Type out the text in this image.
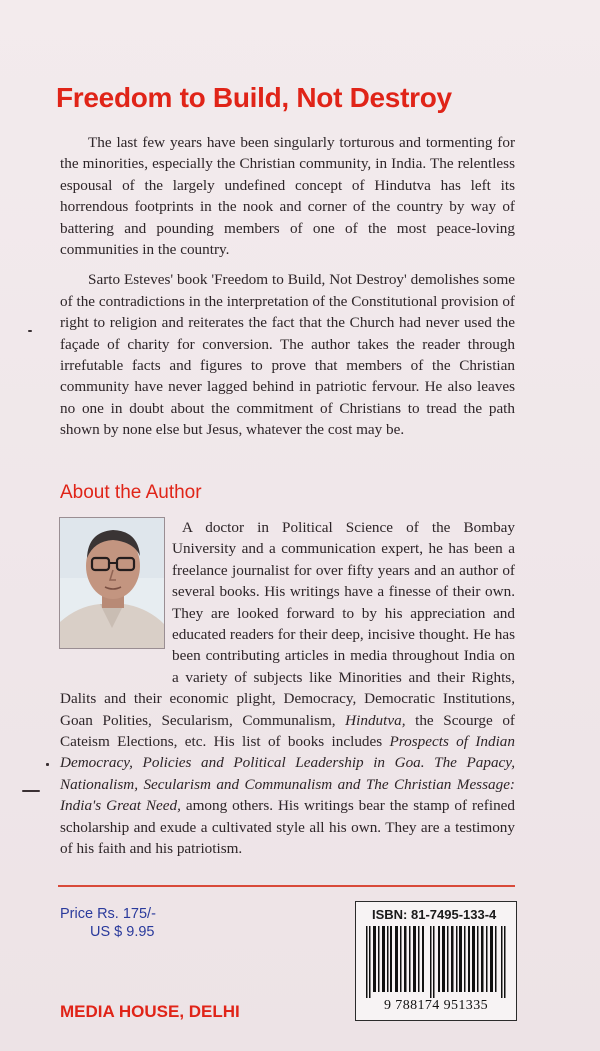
Freedom to Build, Not Destroy

The last few years have been singularly torturous and tormenting for the minorities, especially the Christian community, in India. The relentless espousal of the largely undefined concept of Hindutva has left its horrendous footprints in the nook and corner of the country by way of battering and pounding members of one of the most peace-loving communities in the country.

Sarto Esteves' book 'Freedom to Build, Not Destroy' demolishes some of the contradictions in the interpretation of the Constitutional provision of right to religion and reiterates the fact that the Church had never used the façade of charity for conversion. The author takes the reader through irrefutable facts and figures to prove that members of the Christian community have never lagged behind in patriotic fervour. He also leaves no one in doubt about the commitment of Christians to tread the path shown by none else but Jesus, whatever the cost may be.

About the Author

A doctor in Political Science of the Bombay University and a communication expert, he has been a freelance journalist for over fifty years and an author of several books. His writings have a finesse of their own. They are looked forward to by his appreciation and educated readers for their deep, incisive thought. He has been contributing articles in media throughout India on a variety of subjects like Minorities and their Rights, Dalits and their economic plight, Democracy, Democratic Institutions, Goan Polities, Secularism, Communalism, Hindutva, the Scourge of Cateism Elections, etc. His list of books includes Prospects of Indian Democracy, Policies and Political Leadership in Goa. The Papacy, Nationalism, Secularism and Communalism and The Christian Message: India's Great Need, among others. His writings bear the stamp of refined scholarship and exude a cultivated style all his own. They are a testimony of his faith and his patriotism.

Price Rs. 175/-
US $ 9.95
MEDIA HOUSE, DELHI
ISBN: 81-7495-133-4
9 788174 951335
